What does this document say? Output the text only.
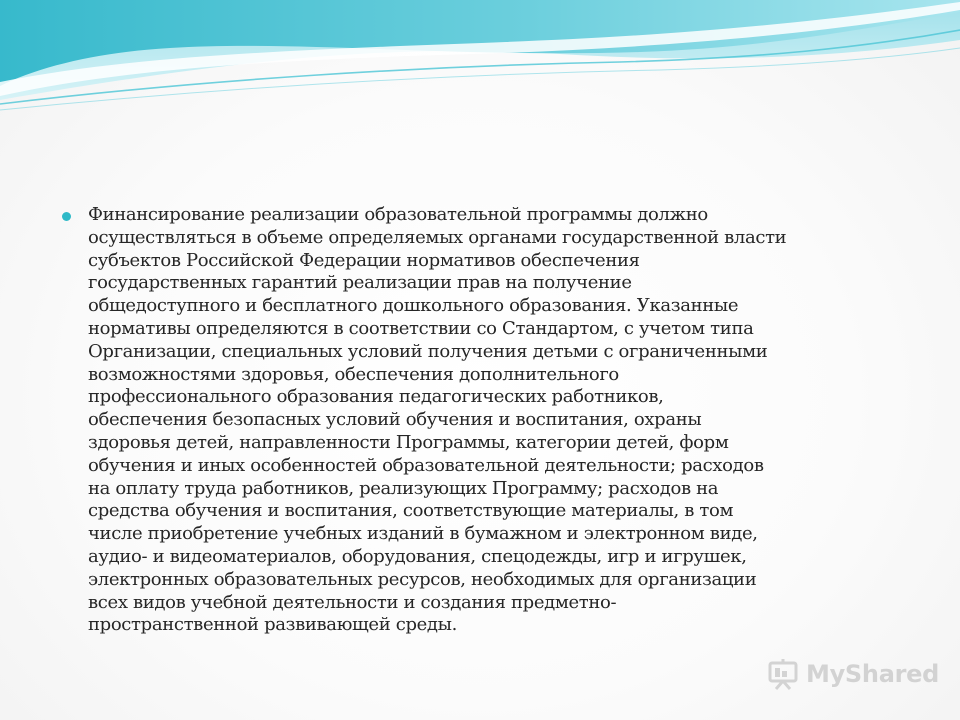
Финансирование реализации образовательной программы должно
осуществляться в объеме определяемых органами государственной власти
субъектов Российской Федерации нормативов обеспечения
государственных гарантий реализации прав на получение
общедоступного и бесплатного дошкольного образования. Указанные
нормативы определяются в соответствии со Стандартом, с учетом типа
Организации, специальных условий получения детьми с ограниченными
возможностями здоровья, обеспечения дополнительного
профессионального образования педагогических работников,
обеспечения безопасных условий обучения и воспитания, охраны
здоровья детей, направленности Программы, категории детей, форм
обучения и иных особенностей образовательной деятельности; расходов
на оплату труда работников, реализующих Программу; расходов на
средства обучения и воспитания, соответствующие материалы, в том
числе приобретение учебных изданий в бумажном и электронном виде,
аудио- и видеоматериалов, оборудования, спецодежды, игр и игрушек,
электронных образовательных ресурсов, необходимых для организации
всех видов учебной деятельности и создания предметно-
пространственной развивающей среды.

MyShared
